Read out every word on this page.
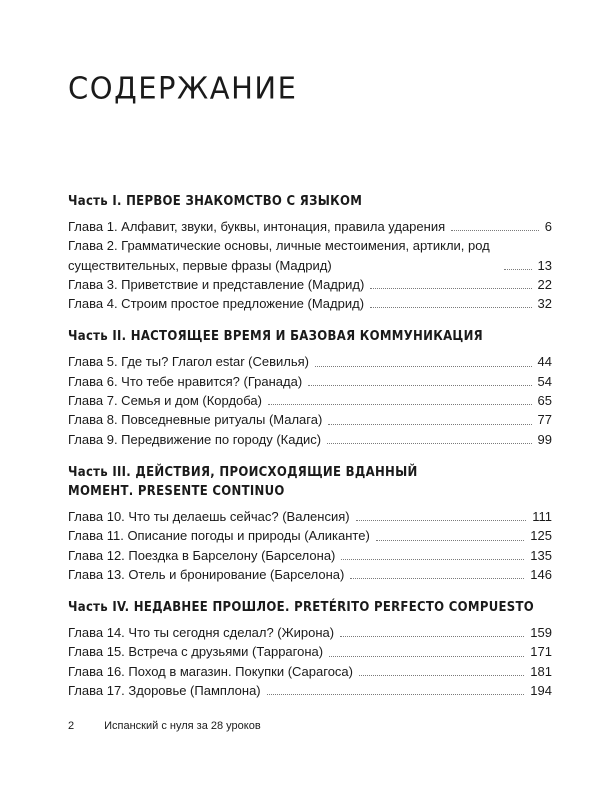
СОДЕРЖАНИЕ
Часть I. ПЕРВОЕ ЗНАКОМСТВО С ЯЗЫКОМ
Глава 1. Алфавит, звуки, буквы, интонация, правила ударения	6
Глава 2. Грамматические основы, личные местоимения, артикли, род существительных, первые фразы (Мадрид)	13
Глава 3. Приветствие и представление (Мадрид)	22
Глава 4. Строим простое предложение (Мадрид)	32
Часть II. НАСТОЯЩЕЕ ВРЕМЯ И БАЗОВАЯ КОММУНИКАЦИЯ
Глава 5. Где ты? Глагол estar (Севилья)	44
Глава 6. Что тебе нравится? (Гранада)	54
Глава 7. Семья и дом (Кордоба)	65
Глава 8. Повседневные ритуалы (Малага)	77
Глава 9. Передвижение по городу (Кадис)	99
Часть III. ДЕЙСТВИЯ, ПРОИСХОДЯЩИЕ ВДАННЫЙ МОМЕНТ. PRESENTE CONTINUO
Глава 10. Что ты делаешь сейчас? (Валенсия)	111
Глава 11. Описание погоды и природы (Аликанте)	125
Глава 12. Поездка в Барселону (Барселона)	135
Глава 13. Отель и бронирование (Барселона)	146
Часть IV. НЕДАВНЕЕ ПРОШЛОЕ. PRETÉRITO PERFECTO COMPUESTO
Глава 14. Что ты сегодня сделал? (Жирона)	159
Глава 15. Встреча с друзьями (Таррагона)	171
Глава 16. Поход в магазин. Покупки (Сарагоса)	181
Глава 17. Здоровье (Памплона)	194
2	Испанский с нуля за 28 уроков
